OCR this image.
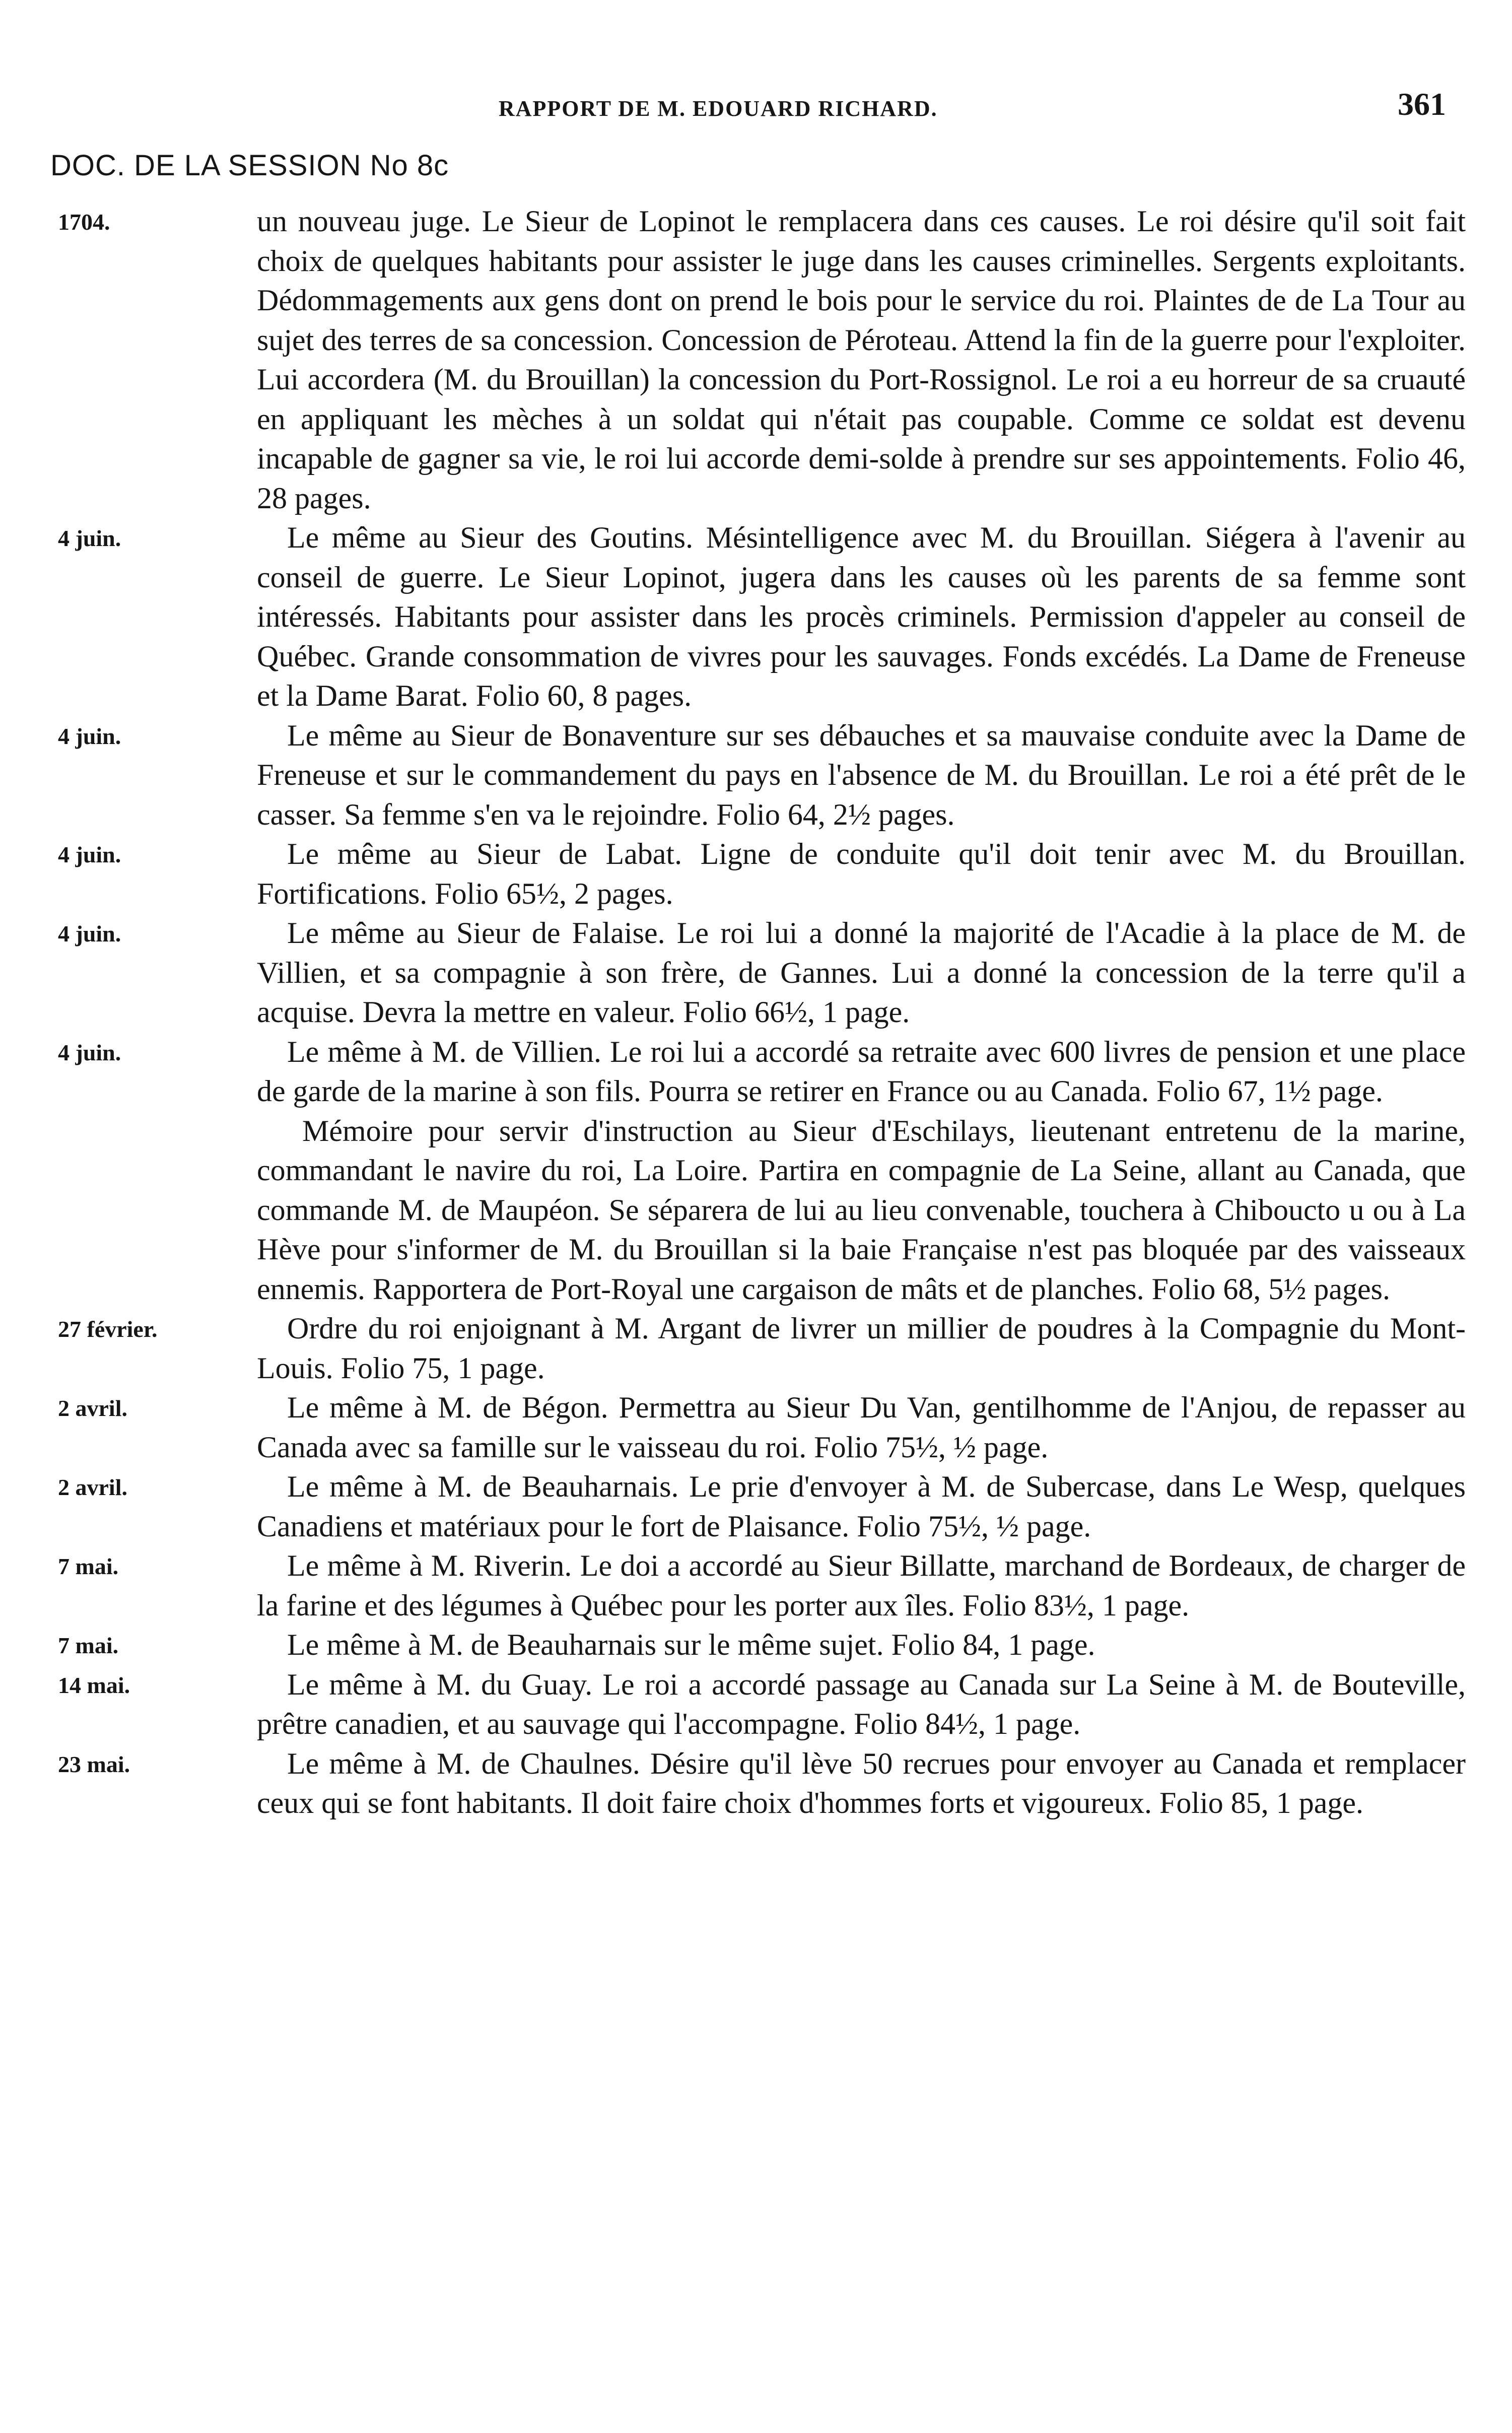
RAPPORT DE M. EDOUARD RICHARD.	361
DOC. DE LA SESSION No 8c
1704.	un nouveau juge. Le Sieur de Lopinot le remplacera dans ces causes. Le roi désire qu'il soit fait choix de quelques habitants pour assister le juge dans les causes criminelles. Sergents exploitants. Dédommagements aux gens dont on prend le bois pour le service du roi. Plaintes de de La Tour au sujet des terres de sa concession. Concession de Péroteau. Attend la fin de la guerre pour l'exploiter. Lui accordera (M. du Brouillan) la concession du Port-Rossignol. Le roi a eu horreur de sa cruauté en appliquant les mèches à un soldat qui n'était pas coupable. Comme ce soldat est devenu incapable de gagner sa vie, le roi lui accorde demi-solde à prendre sur ses appointements. Folio 46, 28 pages.
4 juin.	Le même au Sieur des Goutins. Mésintelligence avec M. du Brouillan. Siégera à l'avenir au conseil de guerre. Le Sieur Lopinot, jugera dans les causes où les parents de sa femme sont intéressés. Habitants pour assister dans les procès criminels. Permission d'appeler au conseil de Québec. Grande consommation de vivres pour les sauvages. Fonds excédés. La Dame de Freneuse et la Dame Barat. Folio 60, 8 pages.
4 juin.	Le même au Sieur de Bonaventure sur ses débauches et sa mauvaise conduite avec la Dame de Freneuse et sur le commandement du pays en l'absence de M. du Brouillan. Le roi a été prêt de le casser. Sa femme s'en va le rejoindre. Folio 64, 2½ pages.
4 juin.	Le même au Sieur de Labat. Ligne de conduite qu'il doit tenir avec M. du Brouillan. Fortifications. Folio 65½, 2 pages.
4 juin.	Le même au Sieur de Falaise. Le roi lui a donné la majorité de l'Acadie à la place de M. de Villien, et sa compagnie à son frère, de Gannes. Lui a donné la concession de la terre qu'il a acquise. Devra la mettre en valeur. Folio 66½, 1 page.
4 juin.	Le même à M. de Villien. Le roi lui a accordé sa retraite avec 600 livres de pension et une place de garde de la marine à son fils. Pourra se retirer en France ou au Canada. Folio 67, 1½ page.
Mémoire pour servir d'instruction au Sieur d'Eschilays, lieutenant entretenu de la marine, commandant le navire du roi, La Loire. Partira en compagnie de La Seine, allant au Canada, que commande M. de Maupéon. Se séparera de lui au lieu convenable, touchera à Chiboucto u ou à La Hève pour s'informer de M. du Brouillan si la baie Française n'est pas bloquée par des vaisseaux ennemis. Rapportera de Port-Royal une cargaison de mâts et de planches. Folio 68, 5½ pages.
27 février.	Ordre du roi enjoignant à M. Argant de livrer un millier de poudres à la Compagnie du Mont-Louis. Folio 75, 1 page.
2 avril.	Le même à M. de Bégon. Permettra au Sieur Du Van, gentilhomme de l'Anjou, de repasser au Canada avec sa famille sur le vaisseau du roi. Folio 75½, ½ page.
2 avril.	Le même à M. de Beauharnais. Le prie d'envoyer à M. de Subercase, dans Le Wesp, quelques Canadiens et matériaux pour le fort de Plaisance. Folio 75½, ½ page.
7 mai.	Le même à M. Riverin. Le doi a accordé au Sieur Billatte, marchand de Bordeaux, de charger de la farine et des légumes à Québec pour les porter aux îles. Folio 83½, 1 page.
7 mai.	Le même à M. de Beauharnais sur le même sujet. Folio 84, 1 page.
14 mai.	Le même à M. du Guay. Le roi a accordé passage au Canada sur La Seine à M. de Bouteville, prêtre canadien, et au sauvage qui l'accompagne. Folio 84½, 1 page.
23 mai.	Le même à M. de Chaulnes. Désire qu'il lève 50 recrues pour envoyer au Canada et remplacer ceux qui se font habitants. Il doit faire choix d'hommes forts et vigoureux. Folio 85, 1 page.
